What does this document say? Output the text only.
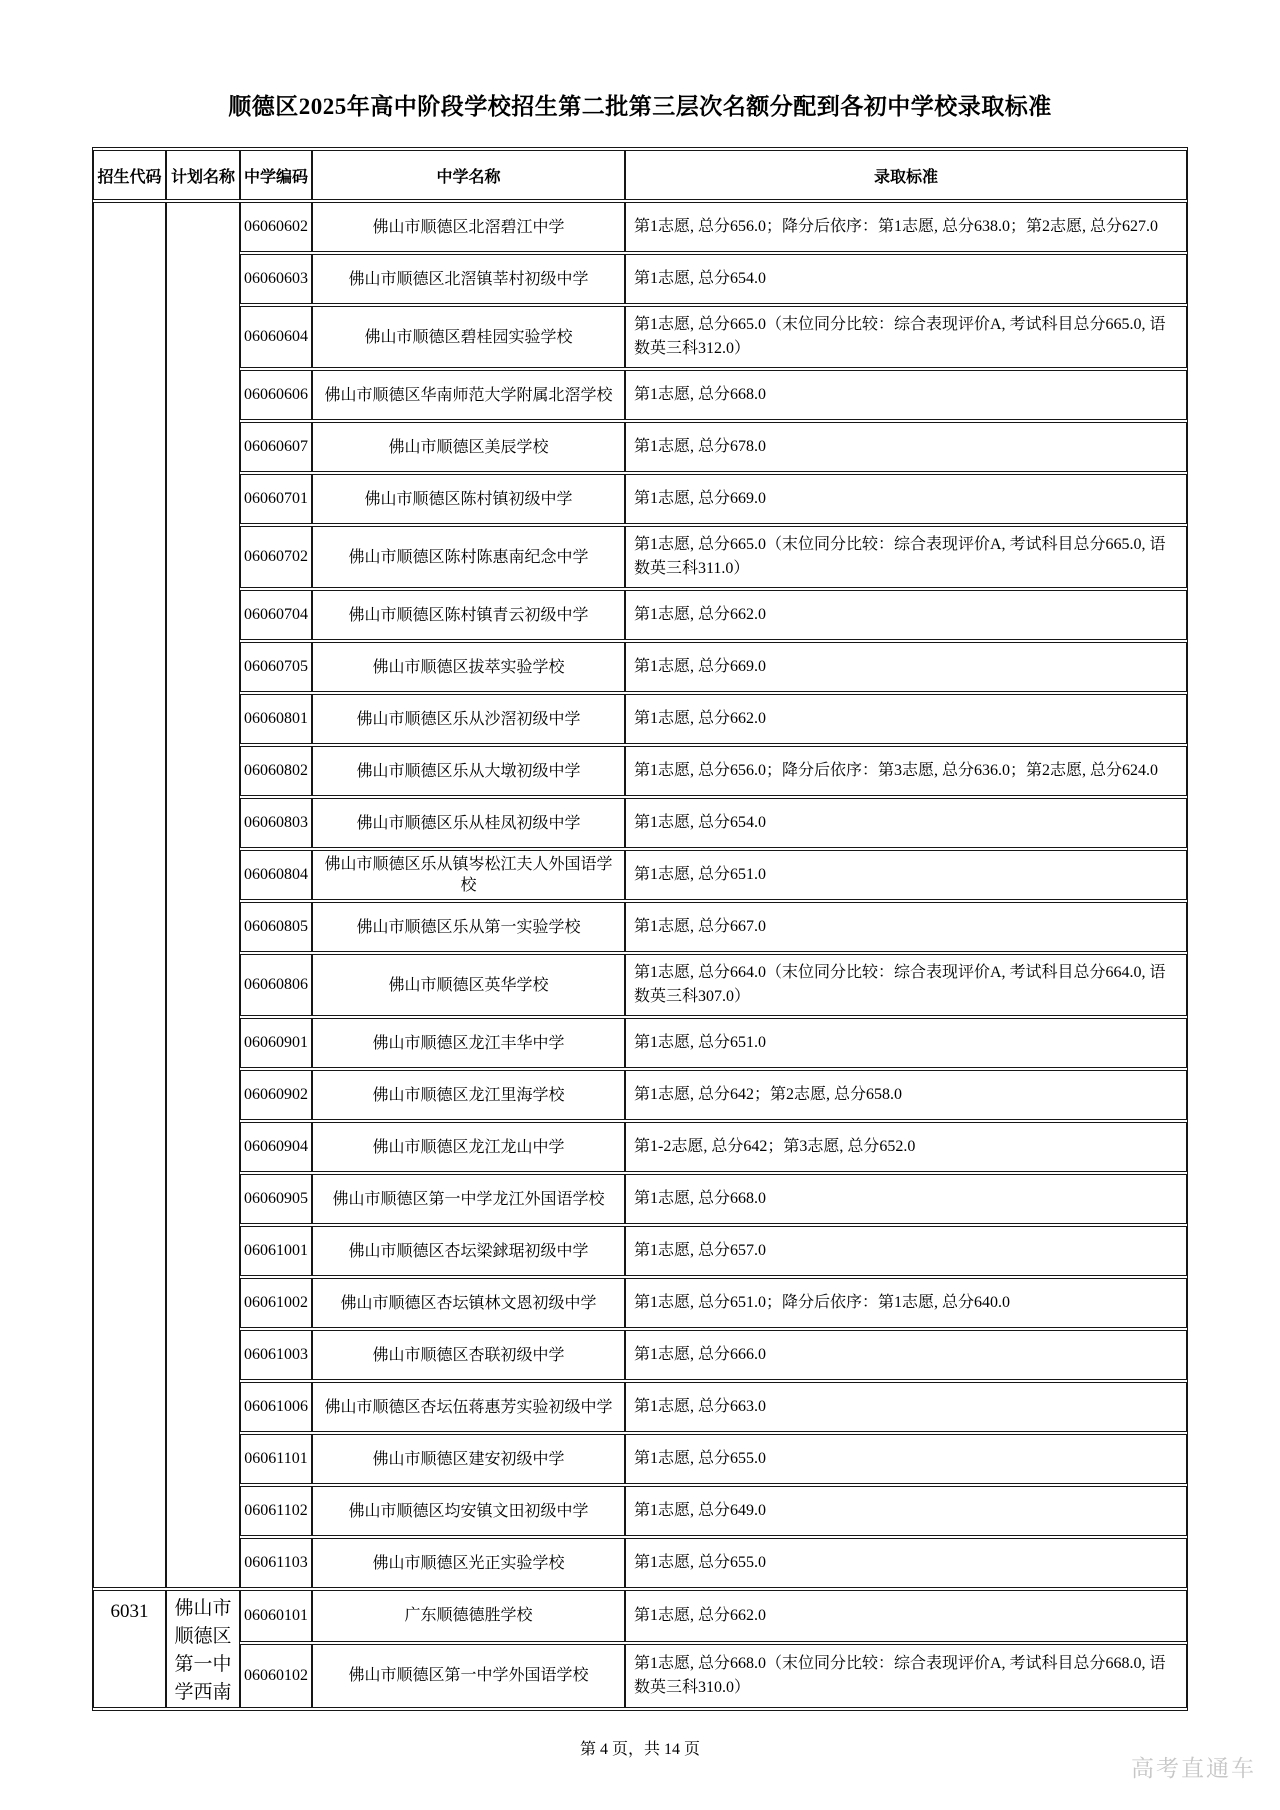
顺德区2025年高中阶段学校招生第二批第三层次名额分配到各初中学校录取标准
招生代码	计划名称	中学编码	中学名称	录取标准
		06060602	佛山市顺德区北滘碧江中学	第1志愿, 总分656.0；降分后依序：第1志愿, 总分638.0；第2志愿, 总分627.0
		06060603	佛山市顺德区北滘镇莘村初级中学	第1志愿, 总分654.0
		06060604	佛山市顺德区碧桂园实验学校	第1志愿, 总分665.0（末位同分比较：综合表现评价A, 考试科目总分665.0, 语数英三科312.0）
		06060606	佛山市顺德区华南师范大学附属北滘学校	第1志愿, 总分668.0
		06060607	佛山市顺德区美辰学校	第1志愿, 总分678.0
		06060701	佛山市顺德区陈村镇初级中学	第1志愿, 总分669.0
		06060702	佛山市顺德区陈村陈惠南纪念中学	第1志愿, 总分665.0（末位同分比较：综合表现评价A, 考试科目总分665.0, 语数英三科311.0）
		06060704	佛山市顺德区陈村镇青云初级中学	第1志愿, 总分662.0
		06060705	佛山市顺德区拔萃实验学校	第1志愿, 总分669.0
		06060801	佛山市顺德区乐从沙滘初级中学	第1志愿, 总分662.0
		06060802	佛山市顺德区乐从大墩初级中学	第1志愿, 总分656.0；降分后依序：第3志愿, 总分636.0；第2志愿, 总分624.0
		06060803	佛山市顺德区乐从桂凤初级中学	第1志愿, 总分654.0
		06060804	佛山市顺德区乐从镇岑松江夫人外国语学校	第1志愿, 总分651.0
		06060805	佛山市顺德区乐从第一实验学校	第1志愿, 总分667.0
		06060806	佛山市顺德区英华学校	第1志愿, 总分664.0（末位同分比较：综合表现评价A, 考试科目总分664.0, 语数英三科307.0）
		06060901	佛山市顺德区龙江丰华中学	第1志愿, 总分651.0
		06060902	佛山市顺德区龙江里海学校	第1志愿, 总分642；第2志愿, 总分658.0
		06060904	佛山市顺德区龙江龙山中学	第1-2志愿, 总分642；第3志愿, 总分652.0
		06060905	佛山市顺德区第一中学龙江外国语学校	第1志愿, 总分668.0
		06061001	佛山市顺德区杏坛梁銶琚初级中学	第1志愿, 总分657.0
		06061002	佛山市顺德区杏坛镇林文恩初级中学	第1志愿, 总分651.0；降分后依序：第1志愿, 总分640.0
		06061003	佛山市顺德区杏联初级中学	第1志愿, 总分666.0
		06061006	佛山市顺德区杏坛伍蒋惠芳实验初级中学	第1志愿, 总分663.0
		06061101	佛山市顺德区建安初级中学	第1志愿, 总分655.0
		06061102	佛山市顺德区均安镇文田初级中学	第1志愿, 总分649.0
		06061103	佛山市顺德区光正实验学校	第1志愿, 总分655.0
6031	佛山市顺德区第一中学西南	06060101	广东顺德德胜学校	第1志愿, 总分662.0
		06060102	佛山市顺德区第一中学外国语学校	第1志愿, 总分668.0（末位同分比较：综合表现评价A, 考试科目总分668.0, 语数英三科310.0）
第 4 页，共 14 页
高考直通车
